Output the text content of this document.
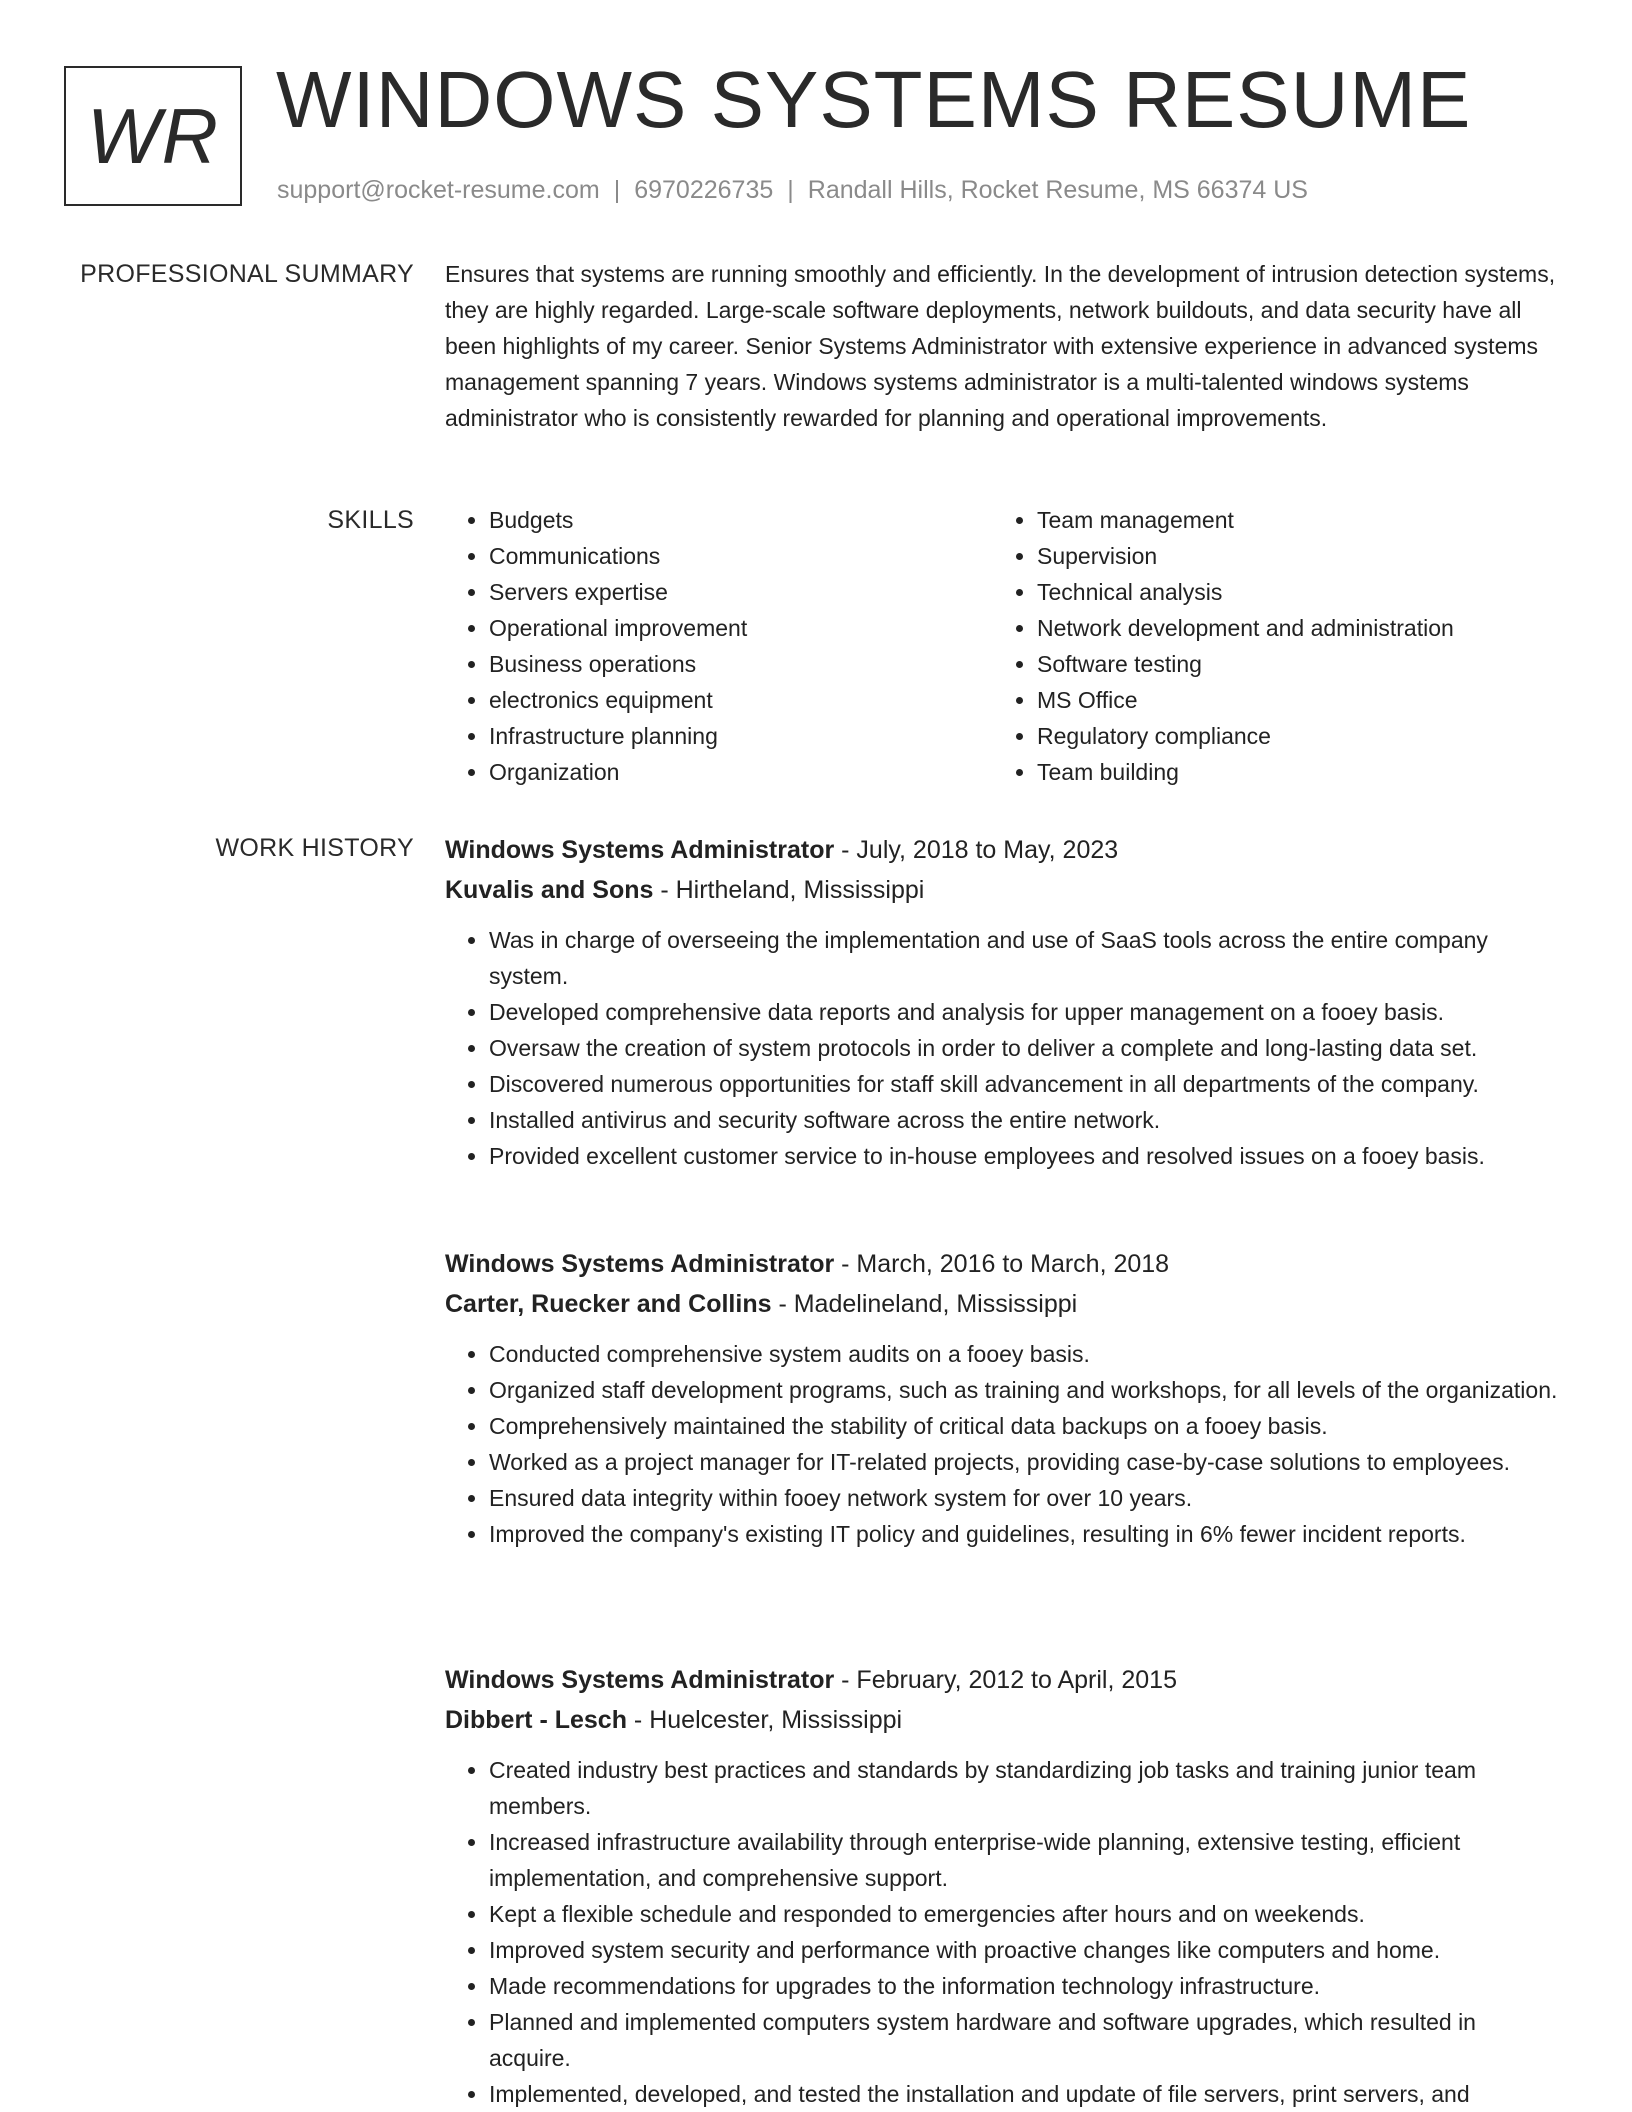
WR WINDOWS SYSTEMS RESUME
support@rocket-resume.com | 6970226735 | Randall Hills, Rocket Resume, MS 66374 US
PROFESSIONAL SUMMARY Ensures that systems are running smoothly and efficiently. In the development of intrusion detection systems, they are highly regarded. Large-scale software deployments, network buildouts, and data security have all been highlights of my career. Senior Systems Administrator with extensive experience in advanced systems management spanning 7 years. Windows systems administrator is a multi-talented windows systems administrator who is consistently rewarded for planning and operational improvements.

SKILLS
•	Budgets
• Communications
• Servers expertise
• Operational improvement
• Business operations
• electronics equipment
• Infrastructure planning
• Organization
• Team management
• Supervision
• Technical analysis
• Network development and administration
• Software testing
• MS Office
• Regulatory compliance
• Team building
WORK HISTORY Windows Systems Administrator - July, 2018 to May, 2023
Kuvalis and Sons - Hirtheland, Mississippi
• Was in charge of overseeing the implementation and use of SaaS tools across the entire company system.
• Developed comprehensive data reports and analysis for upper management on a fooey basis.
• Oversaw the creation of system protocols in order to deliver a complete and long-lasting data set.
• Discovered numerous opportunities for staff skill advancement in all departments of the company.
• Installed antivirus and security software across the entire network.
• Provided excellent customer service to in-house employees and resolved issues on a fooey basis.
Windows Systems Administrator - March, 2016 to March, 2018
Carter, Ruecker and Collins - Madelineland, Mississippi
• Conducted comprehensive system audits on a fooey basis.
• Organized staff development programs, such as training and workshops, for all levels of the organization.
• Comprehensively maintained the stability of critical data backups on a fooey basis.
• Worked as a project manager for IT-related projects, providing case-by-case solutions to employees.
• Ensured data integrity within fooey network system for over 10 years.
• Improved the company's existing IT policy and guidelines, resulting in 6% fewer incident reports.
Windows Systems Administrator - February, 2012 to April, 2015
Dibbert - Lesch - Huelcester, Mississippi
• Created industry best practices and standards by standardizing job tasks and training junior team members.
• Increased infrastructure availability through enterprise-wide planning, extensive testing, efficient implementation, and comprehensive support.
• Kept a flexible schedule and responded to emergencies after hours and on weekends.
• Improved system security and performance with proactive changes like computers and home.
• Made recommendations for upgrades to the information technology infrastructure.
• Planned and implemented computers system hardware and software upgrades, which resulted in acquire.
• Implemented, developed, and tested the installation and update of file servers, print servers, and
